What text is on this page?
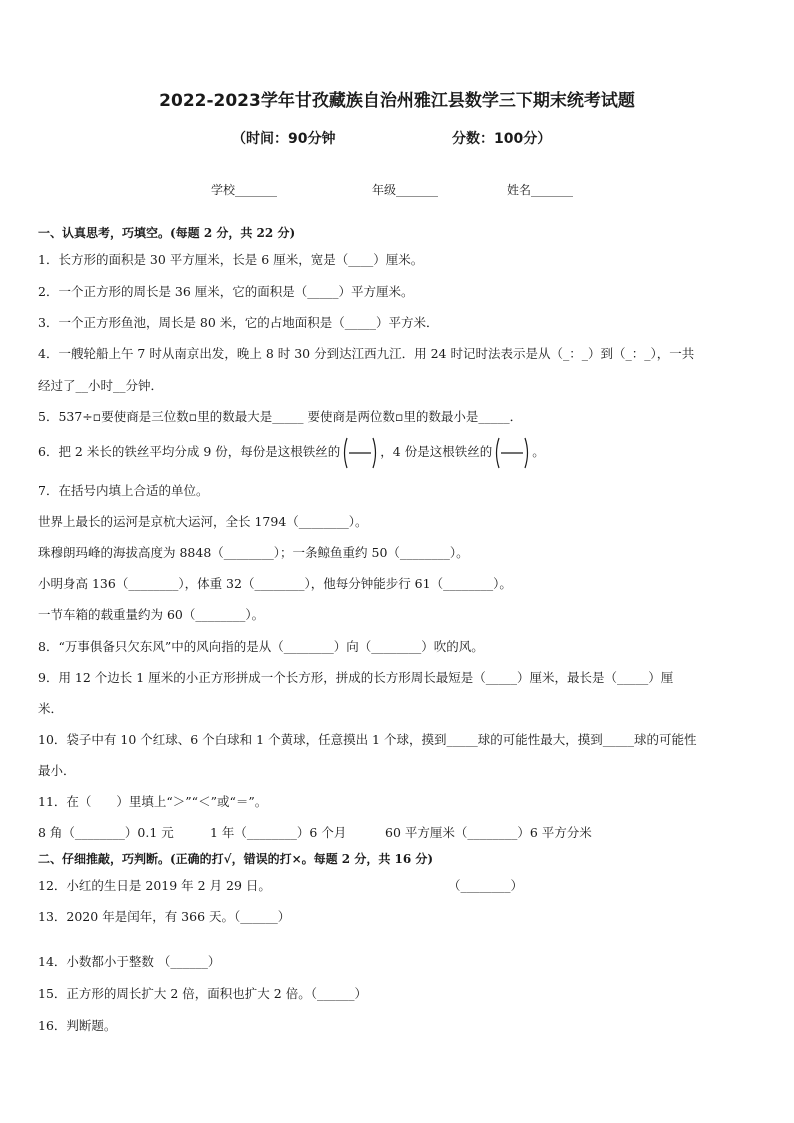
2022-2023学年甘孜藏族自治州雅江县数学三下期末统考试题
（时间：90分钟	分数：100分）
学校_______	年级_______	姓名_______
一、认真思考，巧填空。(每题 2 分，共 22 分)
1．长方形的面积是 30 平方厘米，长是 6 厘米，宽是（____）厘米。
2．一个正方形的周长是 36 厘米，它的面积是（_____）平方厘米。
3．一个正方形鱼池，周长是 80 米，它的占地面积是（_____）平方米．
4．一艘轮船上午 7 时从南京出发，晚上 8 时 30 分到达江西九江．用 24 时记时法表示是从（_：_）到（_：_），一共
经过了__小时__分钟．
5．537÷▫要使商是三位数▫里的数最大是_____ 要使商是两位数▫里的数最小是_____．
6．把 2 米长的铁丝平均分成 9 份，每份是这根铁丝的	，4 份是这根铁丝的	。
7．在括号内填上合适的单位。
世界上最长的运河是京杭大运河，全长 1794（________）。
珠穆朗玛峰的海拔高度为 8848（________）；一条鲸鱼重约 50（________）。
小明身高 136（________），体重 32（________），他每分钟能步行 61（________）。
一节车箱的载重量约为 60（________）。
8．“万事俱备只欠东风”中的风向指的是从（________）向（________）吹的风。
9．用 12 个边长 1 厘米的小正方形拼成一个长方形，拼成的长方形周长最短是（_____）厘米，最长是（_____）厘
米．
10．袋子中有 10 个红球、6 个白球和 1 个黄球，任意摸出 1 个球，摸到_____球的可能性最大，摸到_____球的可能性
最小．
11．在（　　）里填上“＞”“＜”或“＝”。
8 角（________）0.1 元	1 年（________）6 个月	60 平方厘米（________）6 平方分米
二、仔细推敲，巧判断。(正确的打√，错误的打×。每题 2 分，共 16 分)
12．小红的生日是 2019 年 2 月 29 日。	（________）
13．2020 年是闰年，有 366 天。（______）
14．小数都小于整数 （______）
15．正方形的周长扩大 2 倍，面积也扩大 2 倍。（______）
16．判断题。
